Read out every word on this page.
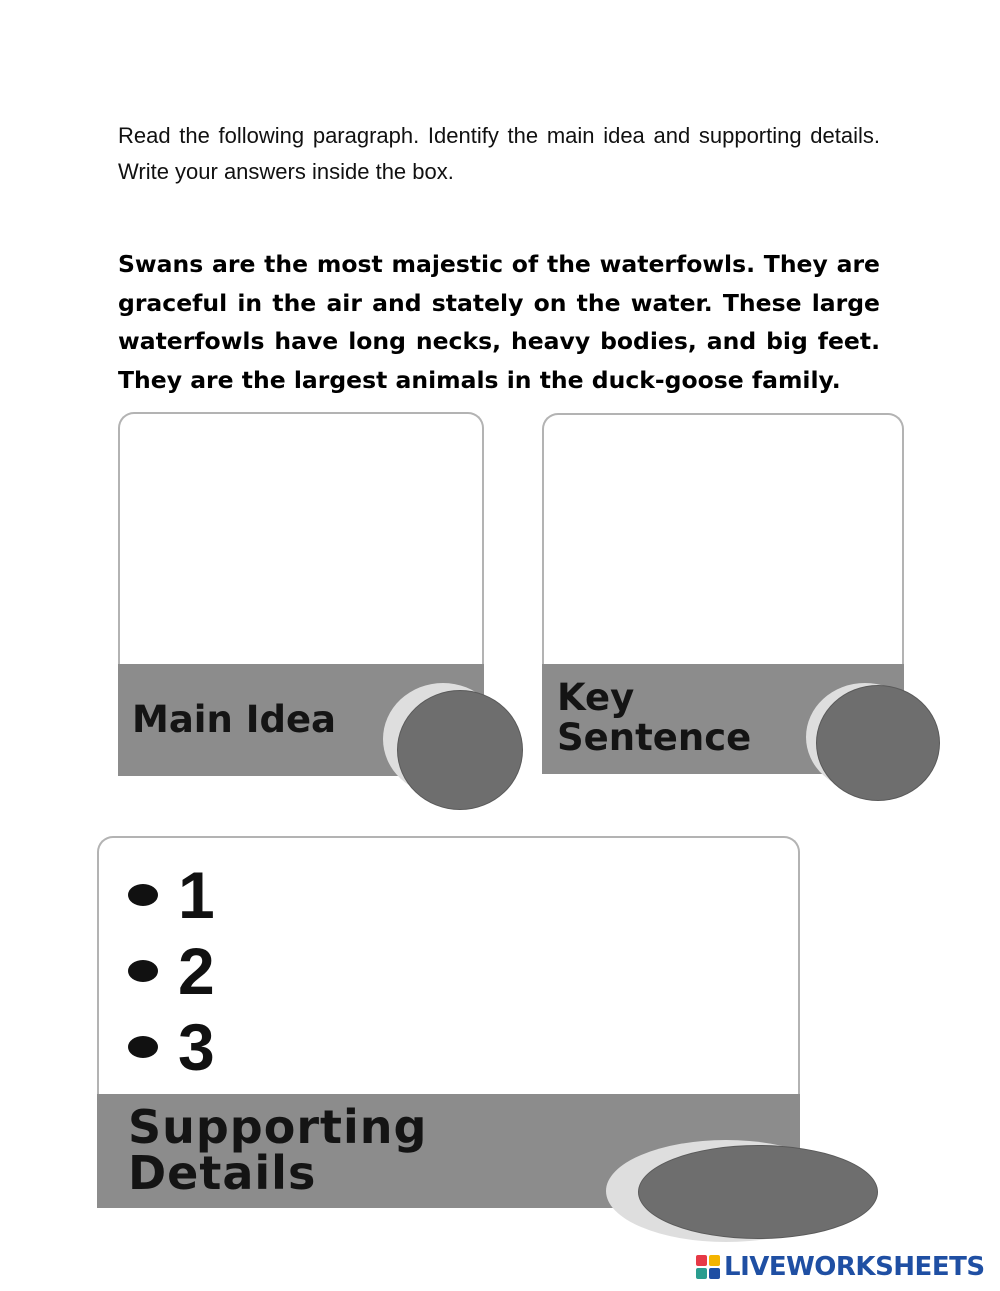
Read the following paragraph. Identify the main idea and supporting details. Write your answers inside the box.
Swans are the most majestic of the waterfowls. They are graceful in the air and stately on the water. These large waterfowls have long necks, heavy bodies, and big feet. They are the largest animals in the duck-goose family.
Main Idea
Key
Sentence
1
2
3
Supporting
Details
LIVEWORKSHEETS
